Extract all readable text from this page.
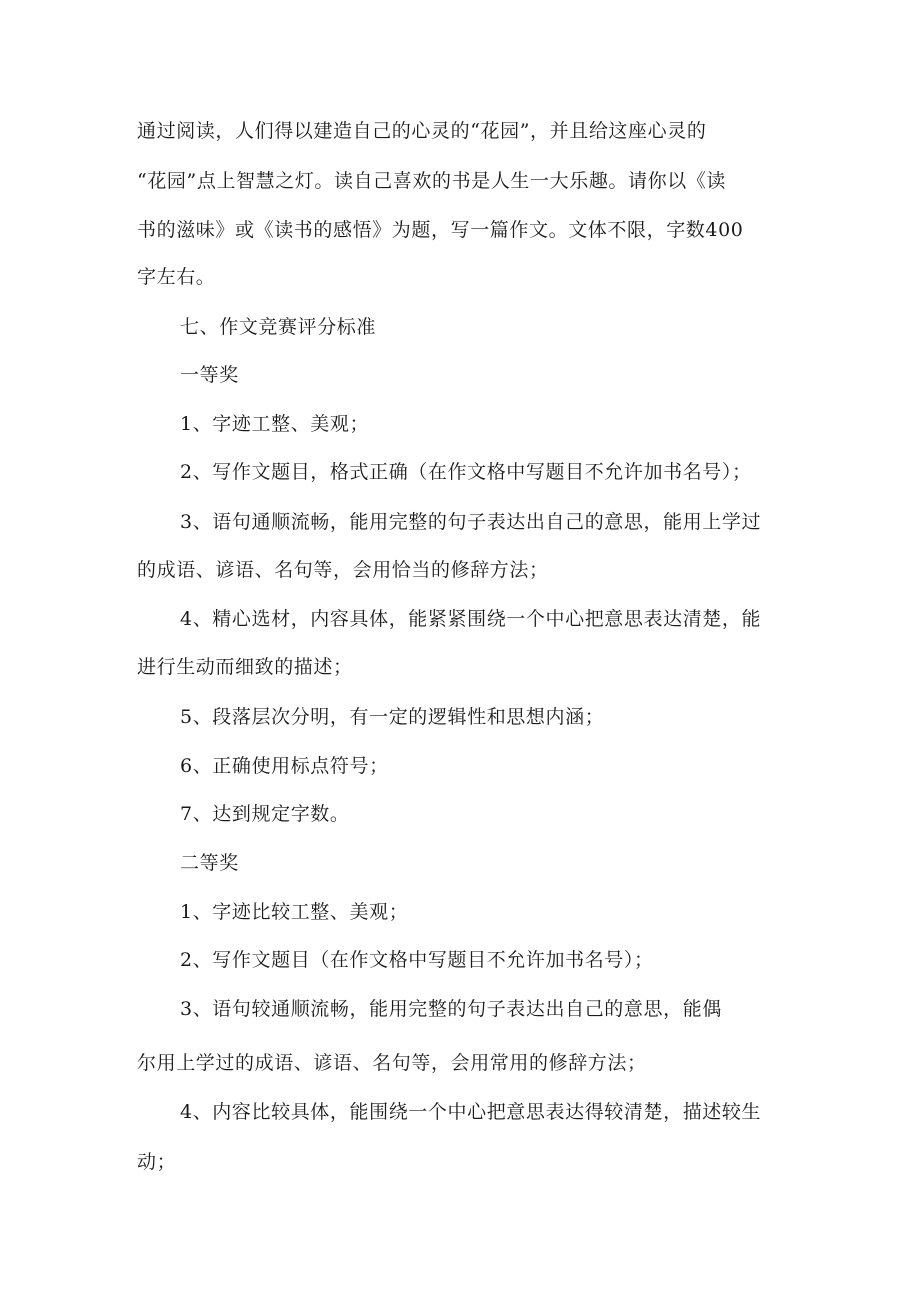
通过阅读，人们得以建造自己的心灵的“花园”，并且给这座心灵的
“花园”点上智慧之灯。读自己喜欢的书是人生一大乐趣。请你以《读
书的滋味》或《读书的感悟》为题，写一篇作文。文体不限，字数400
字左右。
七、作文竞赛评分标准
一等奖
1、字迹工整、美观；
2、写作文题目，格式正确（在作文格中写题目不允许加书名号）；
3、语句通顺流畅，能用完整的句子表达出自己的意思，能用上学过
的成语、谚语、名句等，会用恰当的修辞方法；
4、精心选材，内容具体，能紧紧围绕一个中心把意思表达清楚，能
进行生动而细致的描述；
5、段落层次分明，有一定的逻辑性和思想内涵；
6、正确使用标点符号；
7、达到规定字数。
二等奖
1、字迹比较工整、美观；
2、写作文题目（在作文格中写题目不允许加书名号）；
3、语句较通顺流畅，能用完整的句子表达出自己的意思，能偶
尔用上学过的成语、谚语、名句等，会用常用的修辞方法；
4、内容比较具体，能围绕一个中心把意思表达得较清楚，描述较生
动；
